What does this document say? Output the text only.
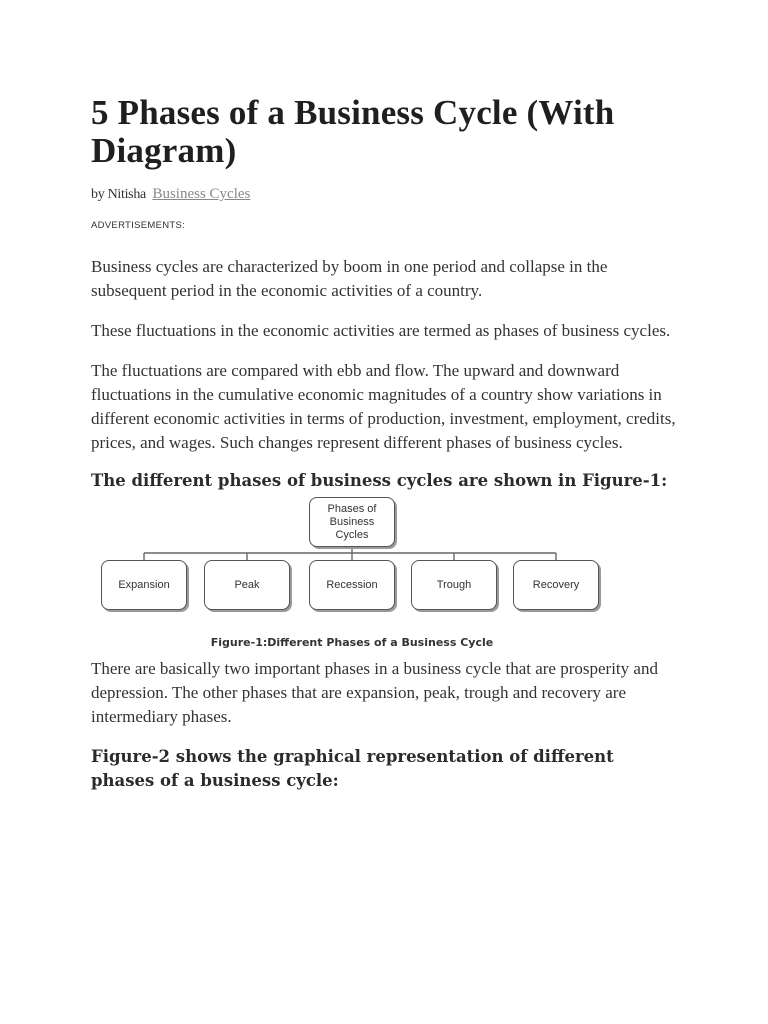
5 Phases of a Business Cycle (With Diagram)
by Nitisha Business Cycles
ADVERTISEMENTS:

Business cycles are characterized by boom in one period and collapse in the subsequent period in the economic activities of a country.

These fluctuations in the economic activities are termed as phases of business cycles.

The fluctuations are compared with ebb and flow. The upward and downward fluctuations in the cumulative economic magnitudes of a country show variations in different economic activities in terms of production, investment, employment, credits, prices, and wages. Such changes represent different phases of business cycles.

The different phases of business cycles are shown in Figure-1:
Phases of Business Cycles
Expansion	Peak	Recession	Trough	Recovery
Figure-1:Different Phases of a Business Cycle

There are basically two important phases in a business cycle that are prosperity and depression. The other phases that are expansion, peak, trough and recovery are intermediary phases.

Figure-2 shows the graphical representation of different phases of a business cycle:
